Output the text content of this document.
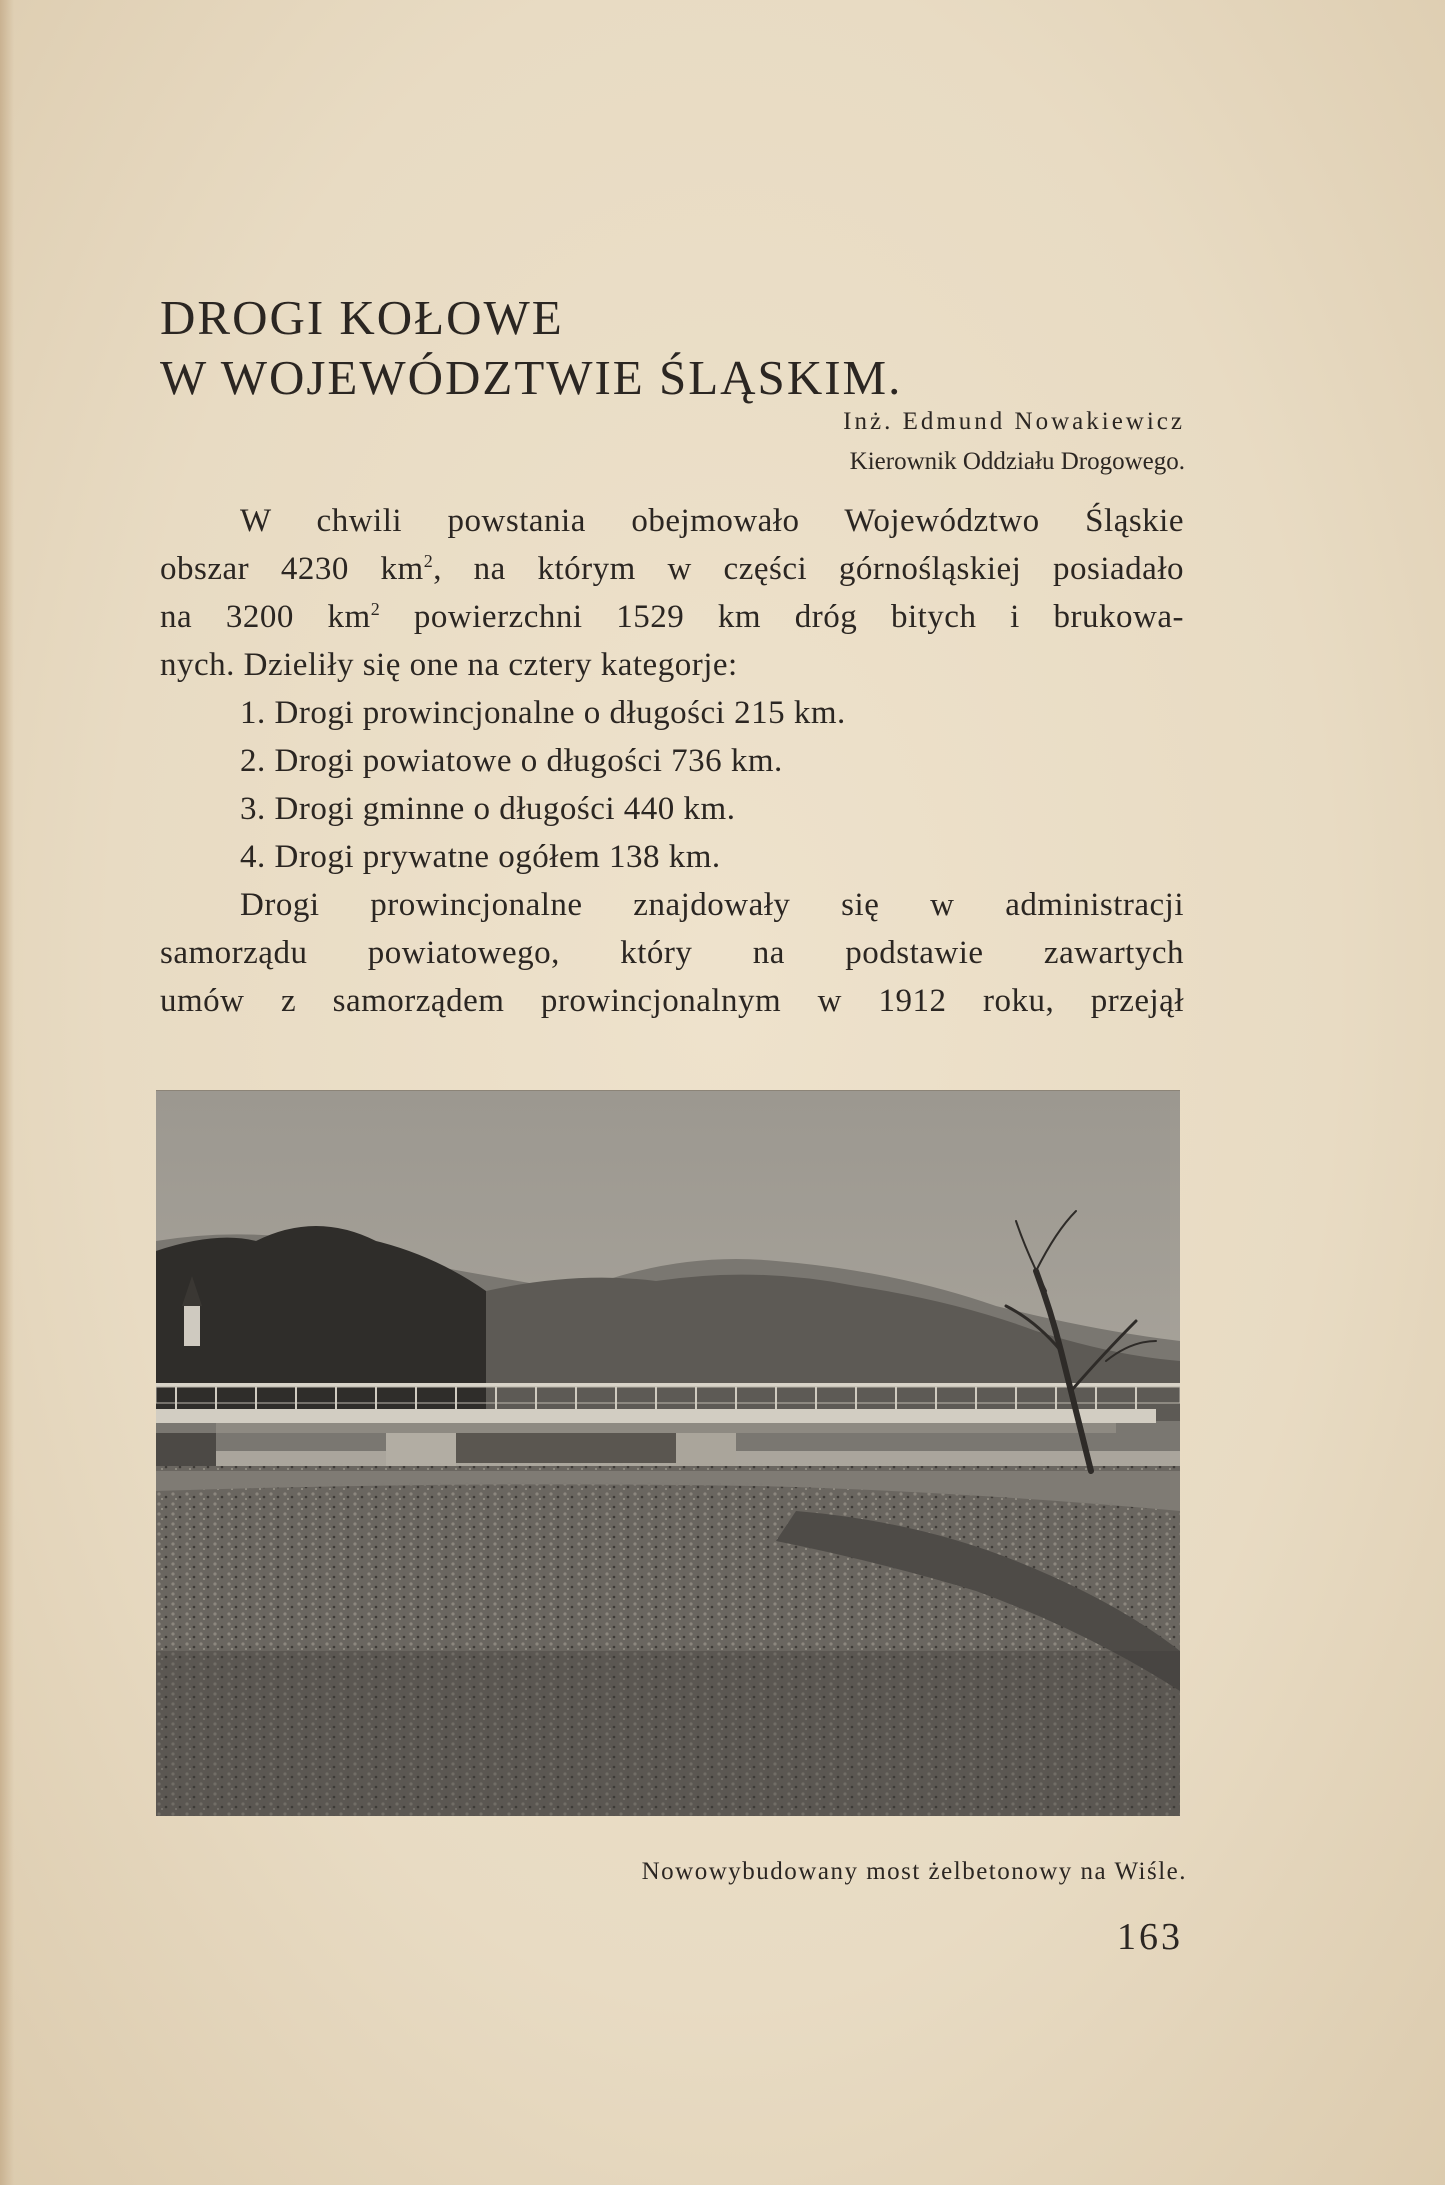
DROGI KOŁOWE
W WOJEWÓDZTWIE ŚLĄSKIM.
Inż. Edmund Nowakiewicz
Kierownik Oddziału Drogowego.
W chwili powstania obejmowało Województwo Śląskie
obszar 4230 $km^2$, na którym w części górnośląskiej posiadało
na 3200 $km^2$ powierzchni 1529 km dróg bitych i brukowa-
nych. Dzieliły się one na cztery kategorje:
1. Drogi prowincjonalne o długości 215 km.
2. Drogi powiatowe o długości 736 km.
3. Drogi gminne o długości 440 km.
4. Drogi prywatne ogółem 138 km.
Drogi prowincjonalne znajdowały się w administracji
samorządu powiatowego, który na podstawie zawartych
umów z samorządem prowincjonalnym w 1912 roku, przejął
Nowowybudowany most żelbetonowy na Wiśle.
163
